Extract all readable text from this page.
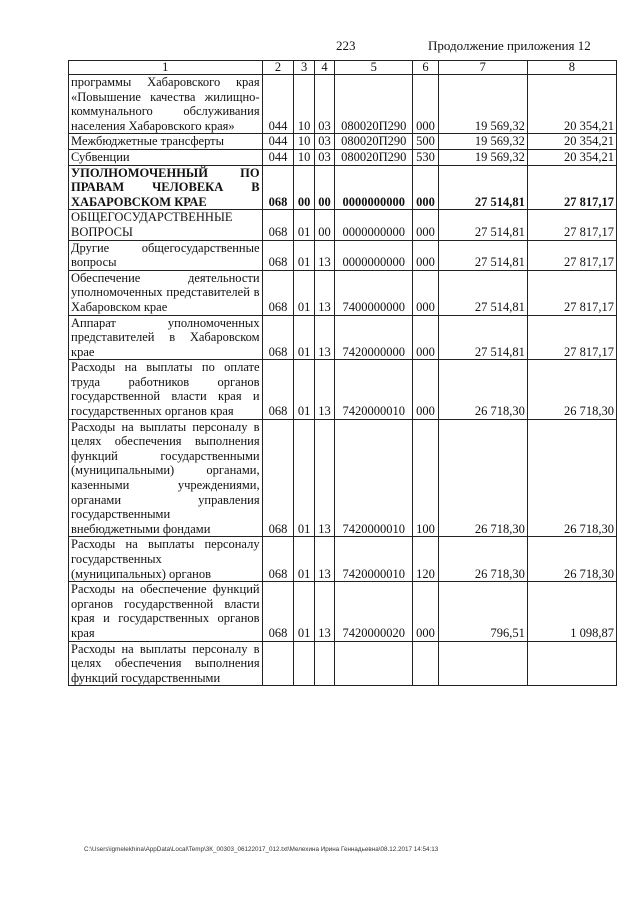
223	Продолжение приложения 12
1	2	3	4	5	6	7	8
программы Хабаровского края «Повышение качества жилищно-коммунального обслуживания населения Хабаровского края»	044	10	03	080020П290	000	19 569,32	20 354,21
Межбюджетные трансферты	044	10	03	080020П290	500	19 569,32	20 354,21
Субвенции	044	10	03	080020П290	530	19 569,32	20 354,21
УПОЛНОМОЧЕННЫЙ ПО ПРАВАМ ЧЕЛОВЕКА В ХАБАРОВСКОМ КРАЕ	068	00	00	0000000000	000	27 514,81	27 817,17
ОБЩЕГОСУДАРСТВЕННЫЕ ВОПРОСЫ	068	01	00	0000000000	000	27 514,81	27 817,17
Другие общегосударственные вопросы	068	01	13	0000000000	000	27 514,81	27 817,17
Обеспечение деятельности уполномоченных представителей в Хабаровском крае	068	01	13	7400000000	000	27 514,81	27 817,17
Аппарат уполномоченных представителей в Хабаровском крае	068	01	13	7420000000	000	27 514,81	27 817,17
Расходы на выплаты по оплате труда работников органов государственной власти края и государственных органов края	068	01	13	7420000010	000	26 718,30	26 718,30
Расходы на выплаты персоналу в целях обеспечения выполнения функций государственными (муниципальными) органами, казенными учреждениями, органами управления государственными внебюджетными фондами	068	01	13	7420000010	100	26 718,30	26 718,30
Расходы на выплаты персоналу государственных (муниципальных) органов	068	01	13	7420000010	120	26 718,30	26 718,30
Расходы на обеспечение функций органов государственной власти края и государственных органов края	068	01	13	7420000020	000	796,51	1 098,87
Расходы на выплаты персоналу в целях обеспечения выполнения функций государственными							
C:\Users\igmelekhina\AppData\Local\Temp\3К_00303_06122017_012.txt\Мелехина Ирина Геннадьевна\08.12.2017 14:54:13
